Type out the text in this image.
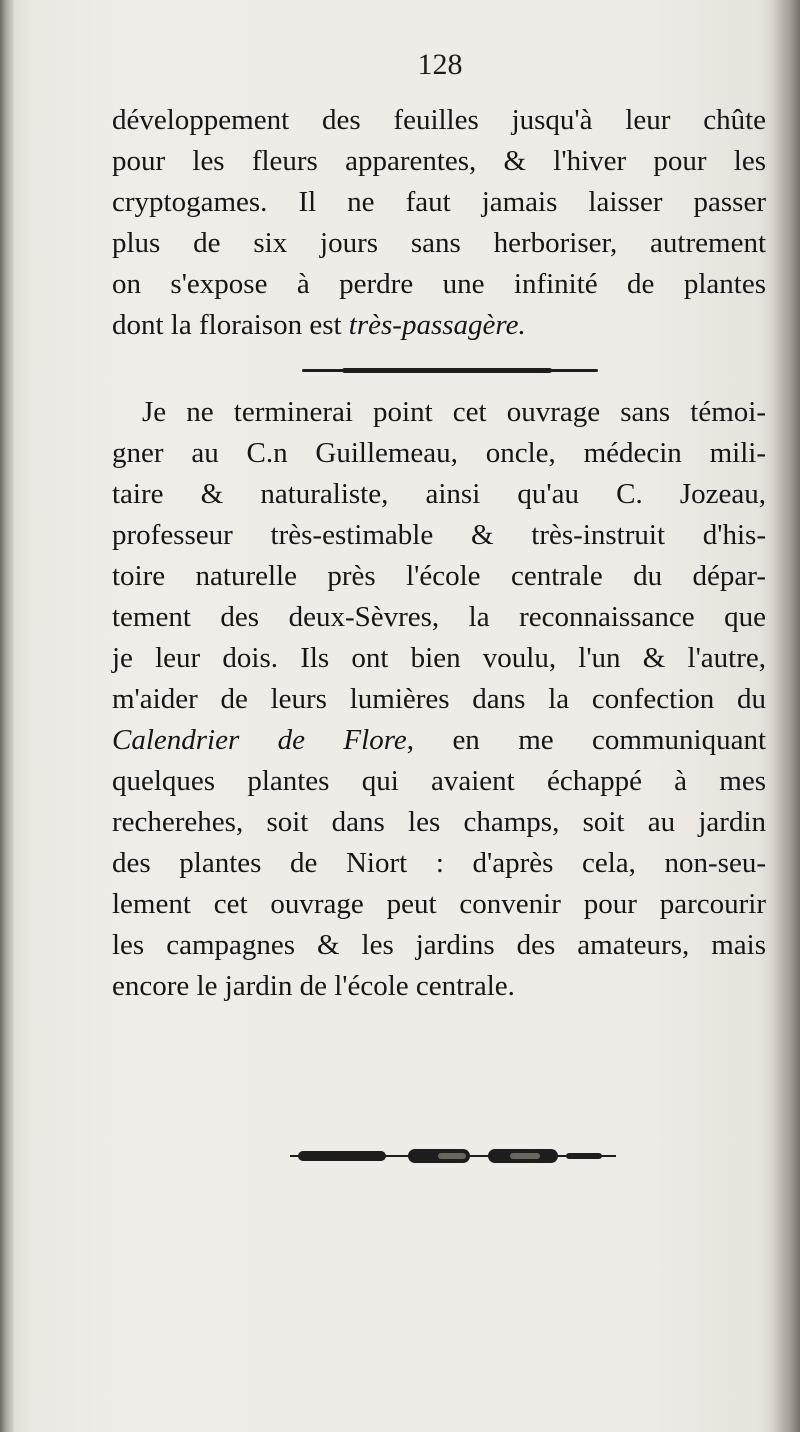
128
développement des feuilles jusqu'à leur chûte
pour les fleurs apparentes, & l'hiver pour les
cryptogames. Il ne faut jamais laisser passer
plus de six jours sans herboriser, autrement
on s'expose à perdre une infinité de plantes
dont la floraison est très-passagère.
Je ne terminerai point cet ouvrage sans témoi-
gner au C.n Guillemeau, oncle, médecin mili-
taire & naturaliste, ainsi qu'au C. Jozeau,
professeur très-estimable & très-instruit d'his-
toire naturelle près l'école centrale du dépar-
tement des deux-Sèvres, la reconnaissance que
je leur dois. Ils ont bien voulu, l'un & l'autre,
m'aider de leurs lumières dans la confection du
Calendrier de Flore, en me communiquant
quelques plantes qui avaient échappé à mes
recherehes, soit dans les champs, soit au jardin
des plantes de Niort : d'après cela, non-seu-
lement cet ouvrage peut convenir pour parcourir
les campagnes & les jardins des amateurs, mais
encore le jardin de l'école centrale.
